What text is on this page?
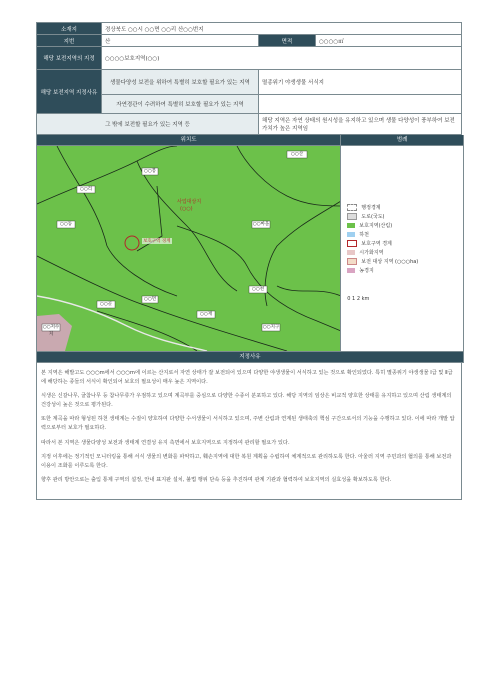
소재지	경상북도 ○○시 ○○면 ○○리 산○○번지		
지번	산	면적	○○○○㎡
해당 보전지역의 지정	○○○○보호지역(○○)		
해당 보전지역 지정사유	생물다양성 보전을 위하여 특별히 보호할 필요가 있는 지역	멸종위기 야생생물 서식지	
	자연경관이 수려하여 특별히 보호할 필요가 있는 지역		
그 밖에 보전할 필요가 있는 지역 등		해당 지역은 자연 상태의 원시성을 유지하고 있으며 생물 다양성이 풍부하여 보전 가치가 높은 지역임	
위치도	범례
○○산
○○봉
○○리
○○동	○○마을
○○천
○○골
○○재
○○지구
○○면
○○저수지
사업대상지
(○○)
보호구역 경계
행정경계
도로(국도)
보호지역(산림)
하천
보호구역 경계
시가화지역
보전 대상 지역 (○○○ha)
농경지
0 1 2 km
지정사유

본 지역은 해발고도 ○○○m에서 ○○○m에 이르는 산지로서 자연 상태가 잘 보전되어 있으며 다양한 야생생물이 서식하고 있는 것으로 확인되었다. 특히 멸종위기 야생생물 Ⅰ급 및 Ⅱ급에 해당하는 종들의 서식이 확인되어 보호의 필요성이 매우 높은 지역이다.

식생은 신갈나무, 굴참나무 등 참나무류가 우점하고 있으며 계곡부를 중심으로 다양한 수종이 분포하고 있다. 해당 지역의 임상은 비교적 양호한 상태를 유지하고 있으며 산림 생태계의 건강성이 높은 것으로 평가된다.

또한 계곡을 따라 형성된 하천 생태계는 수질이 양호하여 다양한 수서생물이 서식하고 있으며, 주변 산림과 연계된 생태축의 핵심 구간으로서의 기능을 수행하고 있다. 이에 따라 개발 압력으로부터 보호가 필요하다.

따라서 본 지역은 생물다양성 보전과 생태계 연결성 유지 측면에서 보호지역으로 지정하여 관리할 필요가 있다.

지정 이후에는 정기적인 모니터링을 통해 서식 생물의 변화를 파악하고, 훼손지역에 대한 복원 계획을 수립하여 체계적으로 관리하도록 한다. 아울러 지역 주민과의 협의를 통해 보전과 이용이 조화를 이루도록 한다.

향후 관리 방안으로는 출입 통제 구역의 설정, 안내 표지판 설치, 불법 행위 단속 등을 추진하며 관계 기관과 협력하여 보호지역의 실효성을 확보하도록 한다.
